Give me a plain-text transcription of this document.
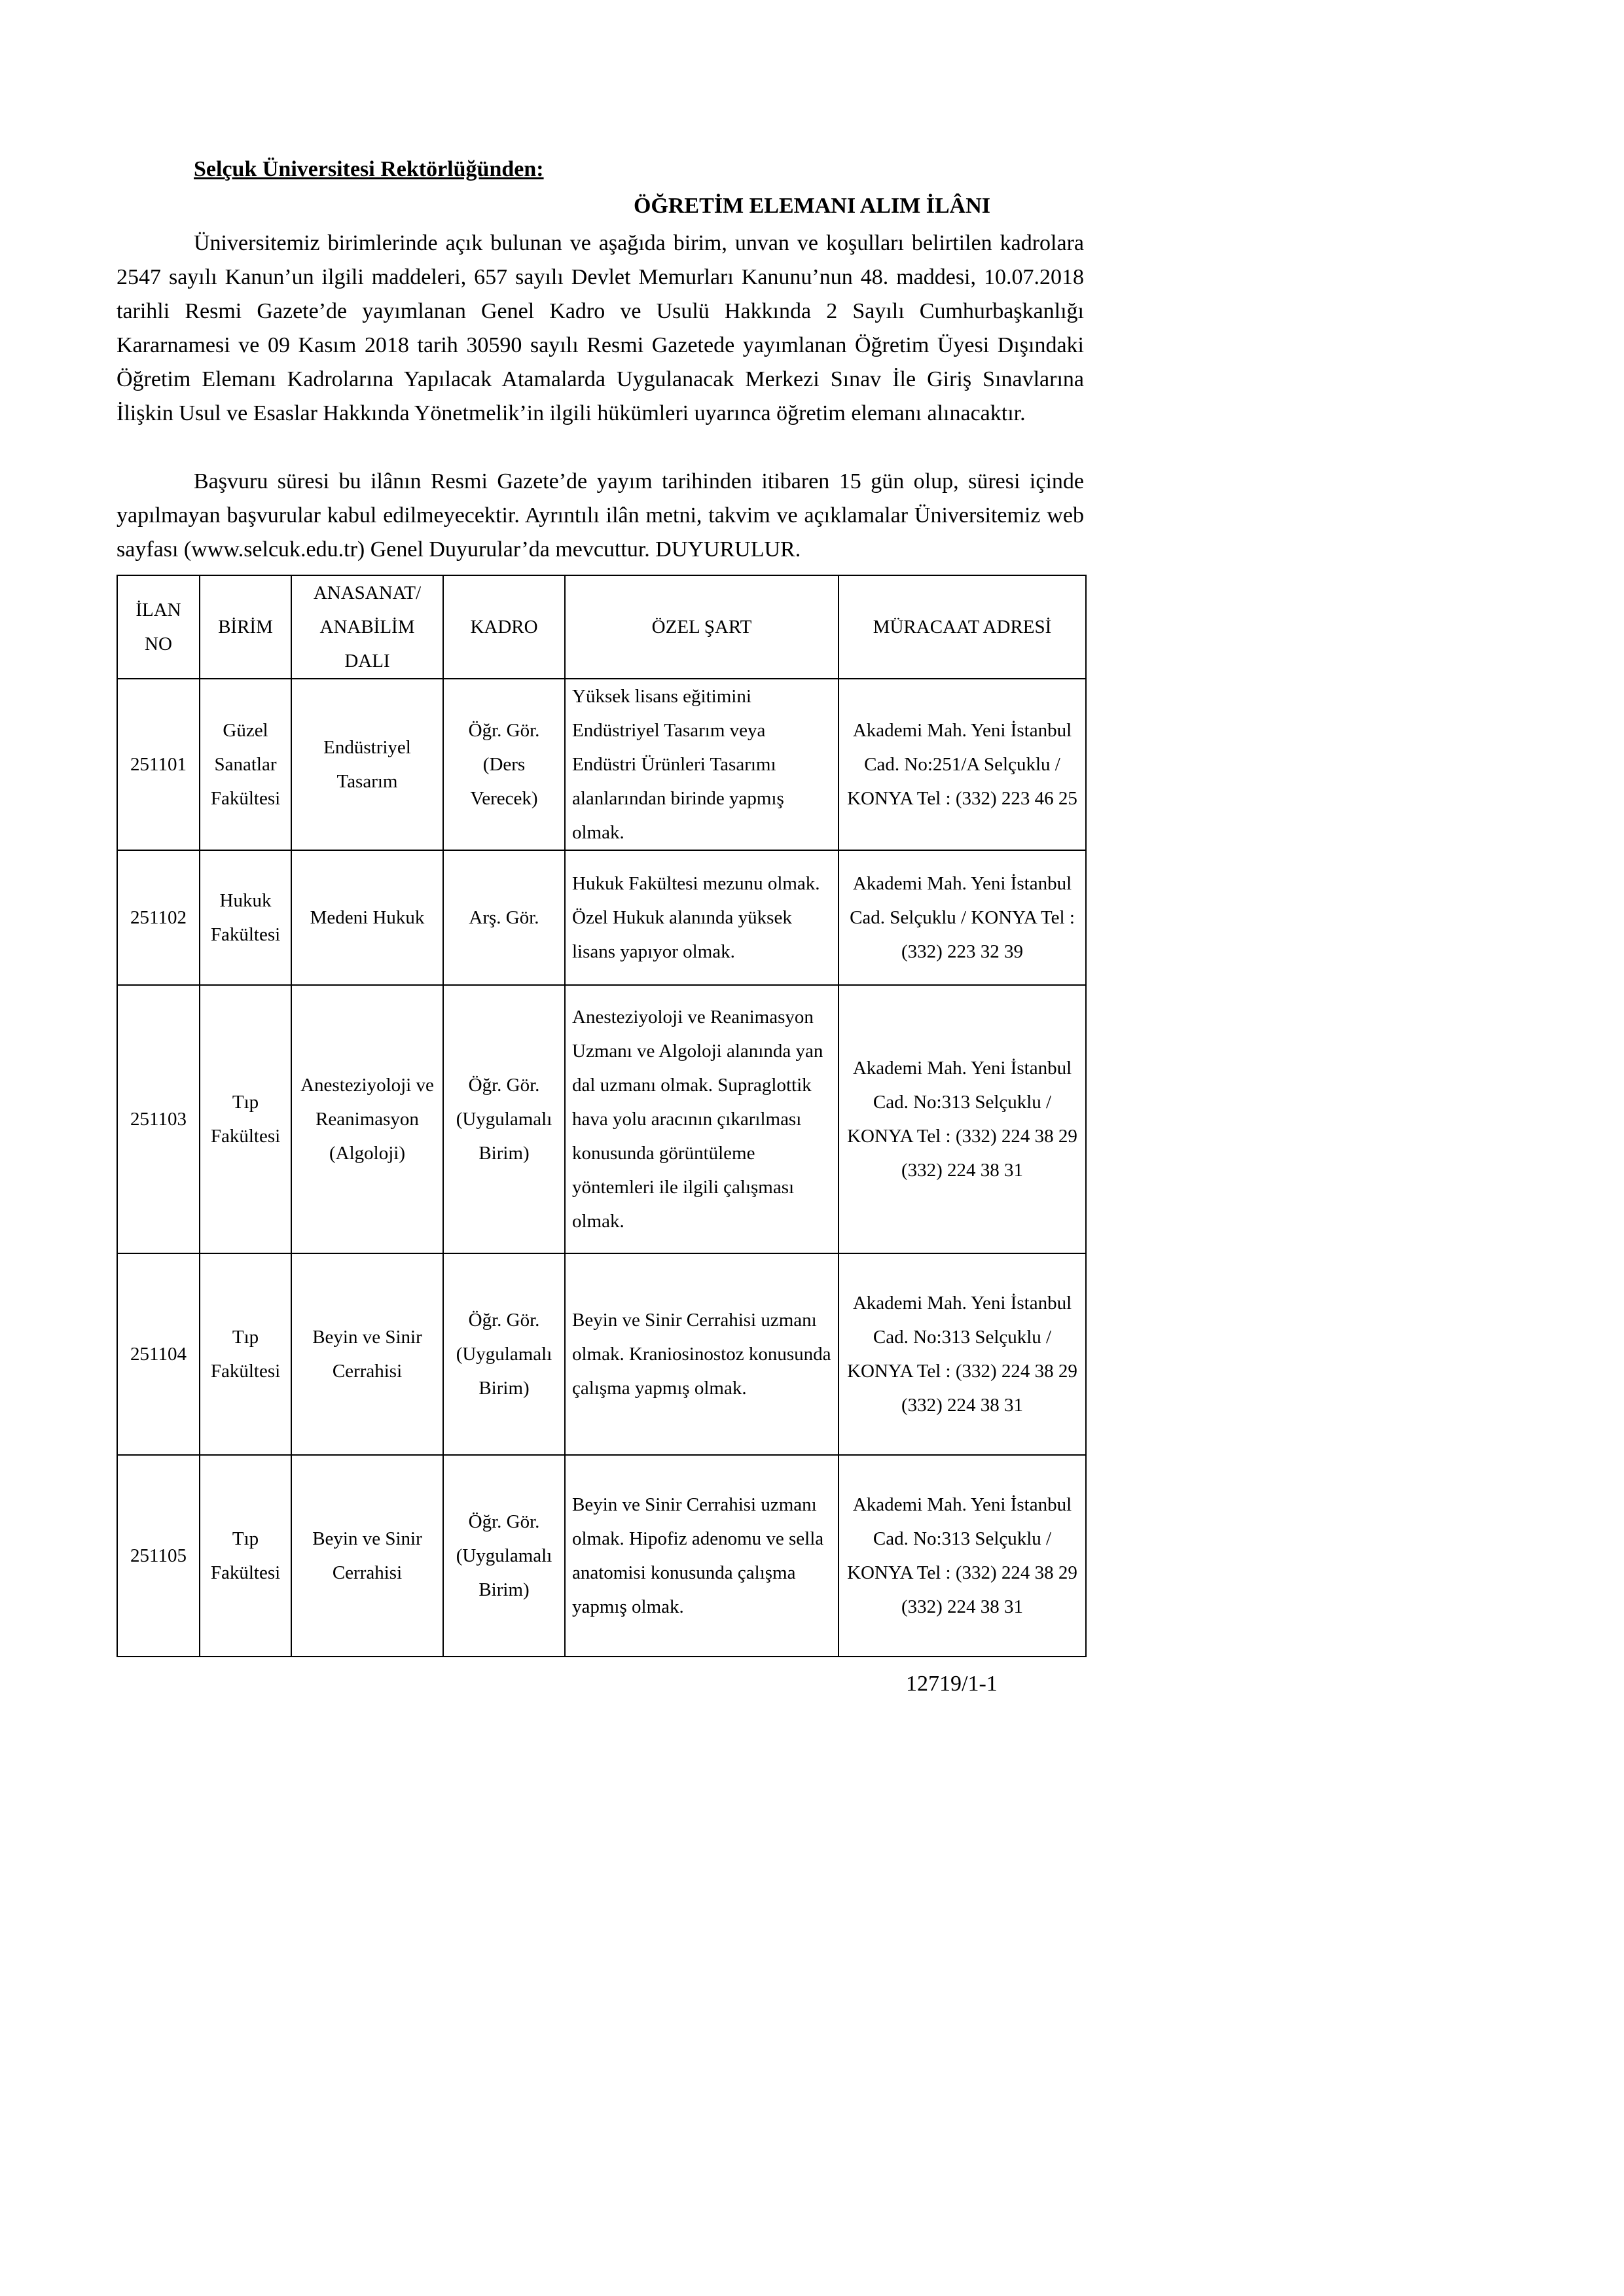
Selçuk Üniversitesi Rektörlüğünden:
ÖĞRETİM ELEMANI ALIM İLÂNI

Üniversitemiz birimlerinde açık bulunan ve aşağıda birim, unvan ve koşulları belirtilen kadrolara 2547 sayılı Kanun’un ilgili maddeleri, 657 sayılı Devlet Memurları Kanunu’nun 48. maddesi, 10.07.2018 tarihli Resmi Gazete’de yayımlanan Genel Kadro ve Usulü Hakkında 2 Sayılı Cumhurbaşkanlığı Kararnamesi ve 09 Kasım 2018 tarih 30590 sayılı Resmi Gazetede yayımlanan Öğretim Üyesi Dışındaki Öğretim Elemanı Kadrolarına Yapılacak Atamalarda Uygulanacak Merkezi Sınav İle Giriş Sınavlarına İlişkin Usul ve Esaslar Hakkında Yönetmelik’in ilgili hükümleri uyarınca öğretim elemanı alınacaktır.

Başvuru süresi bu ilânın Resmi Gazete’de yayım tarihinden itibaren 15 gün olup, süresi içinde yapılmayan başvurular kabul edilmeyecektir. Ayrıntılı ilân metni, takvim ve açıklamalar Üniversitemiz web sayfası (www.selcuk.edu.tr) Genel Duyurular’da mevcuttur. DUYURULUR.

İLAN NO	BİRİM	ANASANAT/ ANABİLİM DALI	KADRO	ÖZEL ŞART	MÜRACAAT ADRESİ
251101	Güzel Sanatlar Fakültesi	Endüstriyel Tasarım	Öğr. Gör. (Ders Verecek)	Yüksek lisans eğitimini Endüstriyel Tasarım veya Endüstri Ürünleri Tasarımı alanlarından birinde yapmış olmak.	Akademi Mah. Yeni İstanbul Cad. No:251/A Selçuklu / KONYA Tel : (332) 223 46 25
251102	Hukuk Fakültesi	Medeni Hukuk	Arş. Gör.	Hukuk Fakültesi mezunu olmak. Özel Hukuk alanında yüksek lisans yapıyor olmak.	Akademi Mah. Yeni İstanbul Cad. Selçuklu / KONYA Tel : (332) 223 32 39
251103	Tıp Fakültesi	Anesteziyoloji ve Reanimasyon (Algoloji)	Öğr. Gör. (Uygulamalı Birim)	Anesteziyoloji ve Reanimasyon Uzmanı ve Algoloji alanında yan dal uzmanı olmak. Supraglottik hava yolu aracının çıkarılması konusunda görüntüleme yöntemleri ile ilgili çalışması olmak.	Akademi Mah. Yeni İstanbul Cad. No:313 Selçuklu / KONYA Tel : (332) 224 38 29 (332) 224 38 31
251104	Tıp Fakültesi	Beyin ve Sinir Cerrahisi	Öğr. Gör. (Uygulamalı Birim)	Beyin ve Sinir Cerrahisi uzmanı olmak. Kraniosinostoz konusunda çalışma yapmış olmak.	Akademi Mah. Yeni İstanbul Cad. No:313 Selçuklu / KONYA Tel : (332) 224 38 29 (332) 224 38 31
251105	Tıp Fakültesi	Beyin ve Sinir Cerrahisi	Öğr. Gör. (Uygulamalı Birim)	Beyin ve Sinir Cerrahisi uzmanı olmak. Hipofiz adenomu ve sella anatomisi konusunda çalışma yapmış olmak.	Akademi Mah. Yeni İstanbul Cad. No:313 Selçuklu / KONYA Tel : (332) 224 38 29 (332) 224 38 31
12719/1-1
